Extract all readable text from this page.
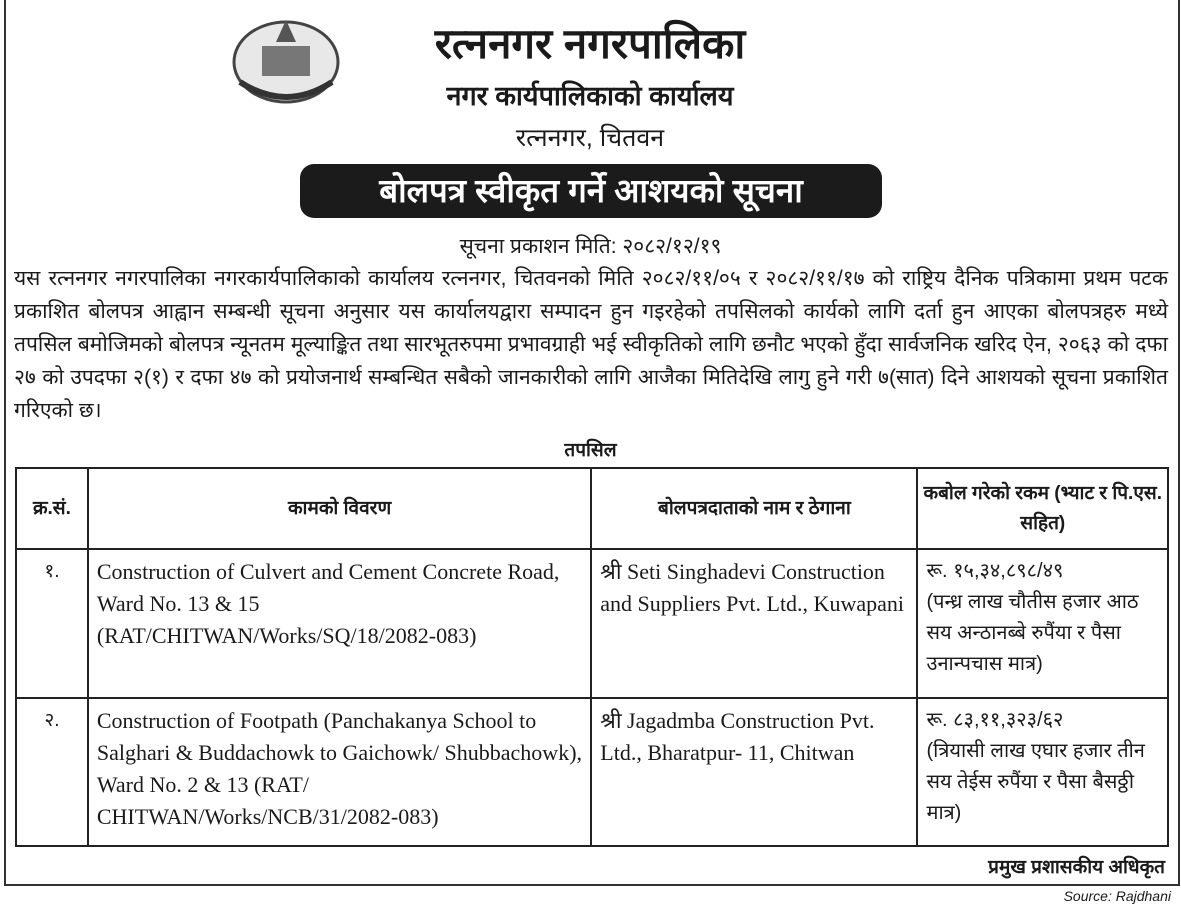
रत्ननगर नगरपालिका
नगर कार्यपालिकाको कार्यालय
रत्ननगर, चितवन
बोलपत्र स्वीकृत गर्ने आशयको सूचना
सूचना प्रकाशन मिति: २०८२/१२/१९
यस रत्ननगर नगरपालिका नगरकार्यपालिकाको कार्यालय रत्ननगर, चितवनको मिति २०८२/११/०५ र २०८२/११/१७ को राष्ट्रिय दैनिक पत्रिकामा प्रथम पटक प्रकाशित बोलपत्र आह्वान सम्बन्धी सूचना अनुसार यस कार्यालयद्वारा सम्पादन हुन गइरहेको तपसिलको कार्यको लागि दर्ता हुन आएका बोलपत्रहरु मध्ये तपसिल बमोजिमको बोलपत्र न्यूनतम मूल्याङ्कित तथा सारभूतरुपमा प्रभावग्राही भई स्वीकृतिको लागि छनौट भएको हुँदा सार्वजनिक खरिद ऐन, २०६३ को दफा २७ को उपदफा २(१) र दफा ४७ को प्रयोजनार्थ सम्बन्धित सबैको जानकारीको लागि आजैका मितिदेखि लागु हुने गरी ७(सात) दिने आशयको सूचना प्रकाशित गरिएको छ।
तपसिल
क्र.सं.	कामको विवरण	बोलपत्रदाताको नाम र ठेगाना	कबोल गरेको रकम (भ्याट र पि.एस. सहित)
१.	Construction of Culvert and Cement Concrete Road, Ward No. 13 & 15 (RAT/CHITWAN/Works/SQ/18/2082-083)	श्री Seti Singhadevi Construction and Suppliers Pvt. Ltd., Kuwapani	रू. १५,३४,८९८/४९
(पन्ध्र लाख चौतीस हजार आठ सय अन्ठानब्बे रुपैंया र पैसा उनान्पचास मात्र)

२.	Construction of Footpath (Panchakanya School to Salghari & Buddachowk to Gaichowk/ Shubbachowk), Ward No. 2 & 13 (RAT/ CHITWAN/Works/NCB/31/2082-083)	श्री Jagadmba Construction Pvt. Ltd., Bharatpur- 11, Chitwan	रू. ८३,११,३२३/६२
(त्रियासी लाख एघार हजार तीन सय तेईस रुपैंया र पैसा बैसठ्ठी मात्र)
प्रमुख प्रशासकीय अधिकृत
Source: Rajdhani
